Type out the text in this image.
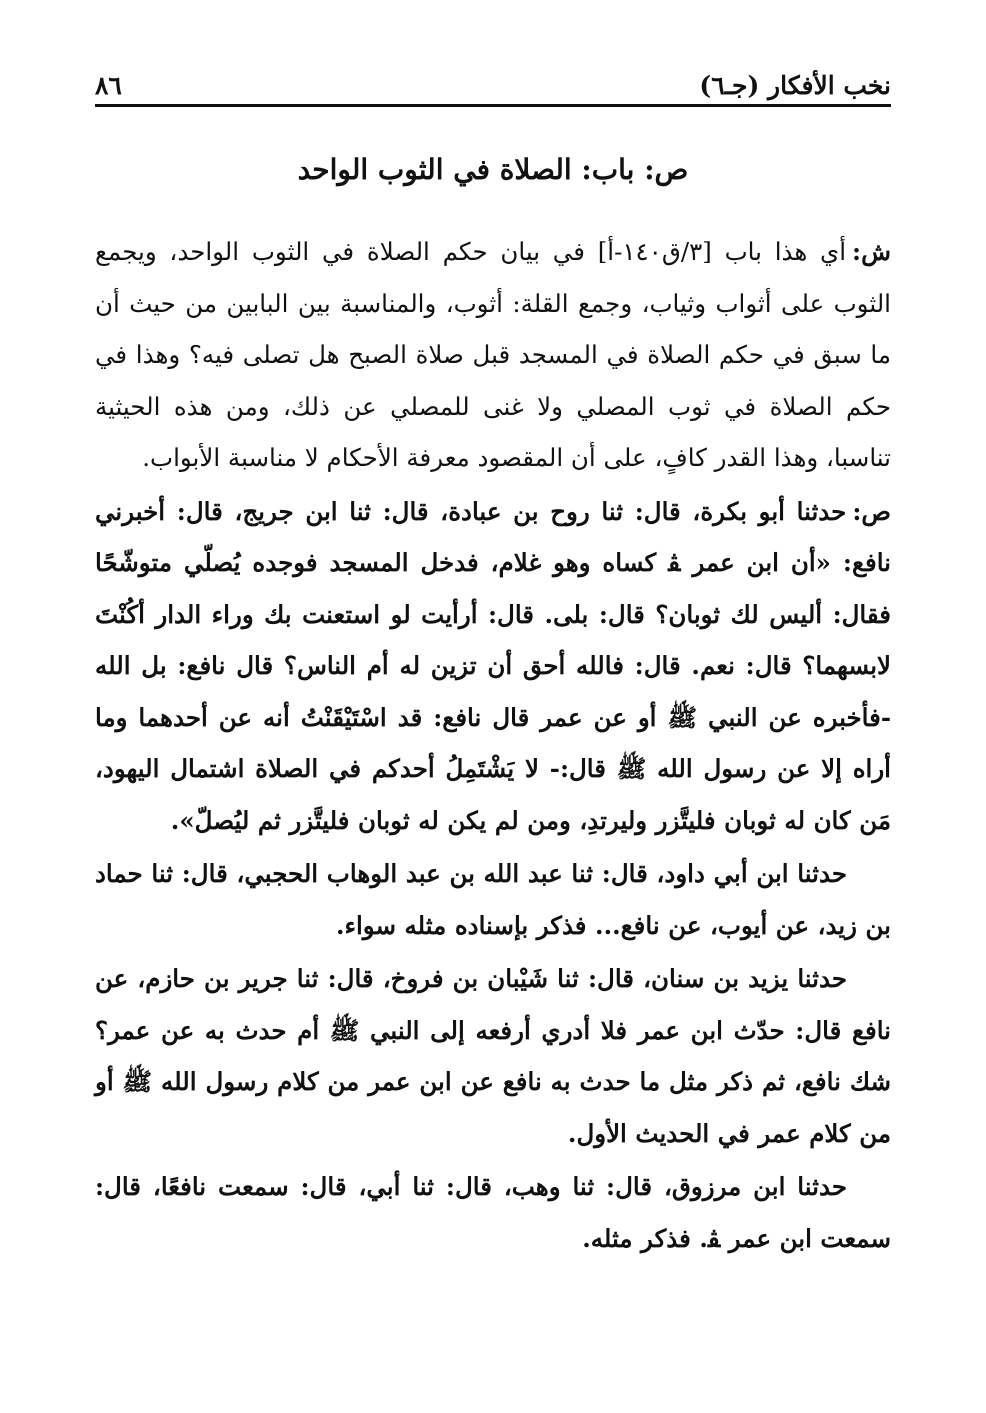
نخب الأفكار (جـ٦)
٨٦
ص: باب: الصلاة في الثوب الواحد

ش:أي هذا باب [٣/ق١٤٠-أ] في بيان حكم الصلاة في الثوب الواحد، ويجمع الثوب على أثواب وثياب، وجمع القلة: أثوب، والمناسبة بين البابين من حيث أن ما سبق في حكم الصلاة في المسجد قبل صلاة الصبح هل تصلى فيه؟ وهذا في حكم الصلاة في ثوب المصلي ولا غنى للمصلي عن ذلك، ومن هذه الحيثية تناسبا، وهذا القدر كافٍ، على أن المقصود معرفة الأحكام لا مناسبة الأبواب.

ص:حدثنا أبو بكرة، قال: ثنا روح بن عبادة، قال: ثنا ابن جريج، قال: أخبرني نافع: «أن ابن عمر ﭭ كساه وهو غلام، فدخل المسجد فوجده يُصلّي متوشّحًا فقال: أليس لك ثوبان؟ قال: بلى. قال: أرأيت لو استعنت بك وراء الدار أكُنْتَ لابسهما؟ قال: نعم. قال: فالله أحق أن تزين له أم الناس؟ قال نافع: بل الله -فأخبره عن النبي ﷺ أو عن عمر قال نافع: قد اسْتَيْقَنْتُ أنه عن أحدهما وما أراه إلا عن رسول الله ﷺ قال:- لا يَشْتَمِلُ أحدكم في الصلاة اشتمال اليهود، مَن كان له ثوبان فليتَّزر وليرتدِ، ومن لم يكن له ثوبان فليتَّزر ثم ليُصلّ».

حدثنا ابن أبي داود، قال: ثنا عبد الله بن عبد الوهاب الحجبي، قال: ثنا حماد بن زيد، عن أيوب، عن نافع... فذكر بإسناده مثله سواء.

حدثنا يزيد بن سنان، قال: ثنا شَيْبان بن فروخ، قال: ثنا جرير بن حازم، عن نافع قال: حدّث ابن عمر فلا أدري أرفعه إلى النبي ﷺ أم حدث به عن عمر؟ شك نافع، ثم ذكر مثل ما حدث به نافع عن ابن عمر من كلام رسول الله ﷺ أو من كلام عمر في الحديث الأول.

حدثنا ابن مرزوق، قال: ثنا وهب، قال: ثنا أبي، قال: سمعت نافعًا، قال: سمعت ابن عمر ﭭ. فذكر مثله.
